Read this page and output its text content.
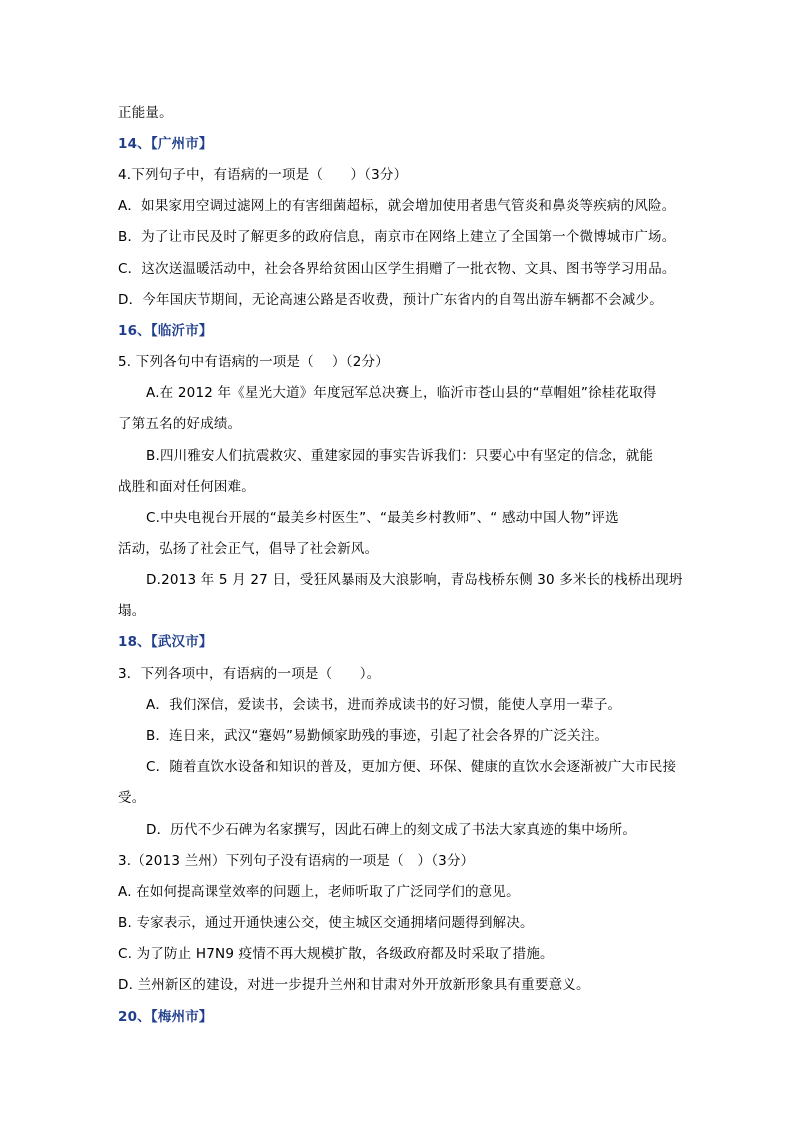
正能量。
14、【广州市】
4.下列句子中，有语病的一项是（　　）（3分）
A．如果家用空调过滤网上的有害细菌超标，就会增加使用者患气管炎和鼻炎等疾病的风险。
B．为了让市民及时了解更多的政府信息，南京市在网络上建立了全国第一个微博城市广场。
C．这次送温暖活动中，社会各界给贫困山区学生捐赠了一批衣物、文具、图书等学习用品。
D．今年国庆节期间，无论高速公路是否收费，预计广东省内的自驾出游车辆都不会减少。
16、【临沂市】
5. 下列各句中有语病的一项是（　 ）（2分）
A.在 2012 年《星光大道》年度冠军总决赛上，临沂市苍山县的“草帽姐”徐桂花取得
了第五名的好成绩。
B.四川雅安人们抗震救灾、重建家园的事实告诉我们：只要心中有坚定的信念，就能
战胜和面对任何困难。
C.中央电视台开展的“最美乡村医生”、“最美乡村教师”、“ 感动中国人物”评选
活动，弘扬了社会正气，倡导了社会新风。
D.2013 年 5 月 27 日，受狂风暴雨及大浪影响，青岛栈桥东侧 30 多米长的栈桥出现坍
塌。
18、【武汉市】
3．下列各项中，有语病的一项是（　　）。
A．我们深信，爱读书，会读书，进而养成读书的好习惯，能使人享用一辈子。
B．连日来，武汉“蹇妈”易勤倾家助残的事迹，引起了社会各界的广泛关注。
C．随着直饮水设备和知识的普及，更加方便、环保、健康的直饮水会逐渐被广大市民接
受。
D．历代不少石碑为名家撰写，因此石碑上的刻文成了书法大家真迹的集中场所。
3.（2013 兰州）下列句子没有语病的一项是（　）（3分）
A. 在如何提高课堂效率的问题上，老师听取了广泛同学们的意见。
B. 专家表示，通过开通快速公交，使主城区交通拥堵问题得到解决。
C. 为了防止 H7N9 疫情不再大规模扩散，各级政府都及时采取了措施。
D. 兰州新区的建设，对进一步提升兰州和甘肃对外开放新形象具有重要意义。
20、【梅州市】
